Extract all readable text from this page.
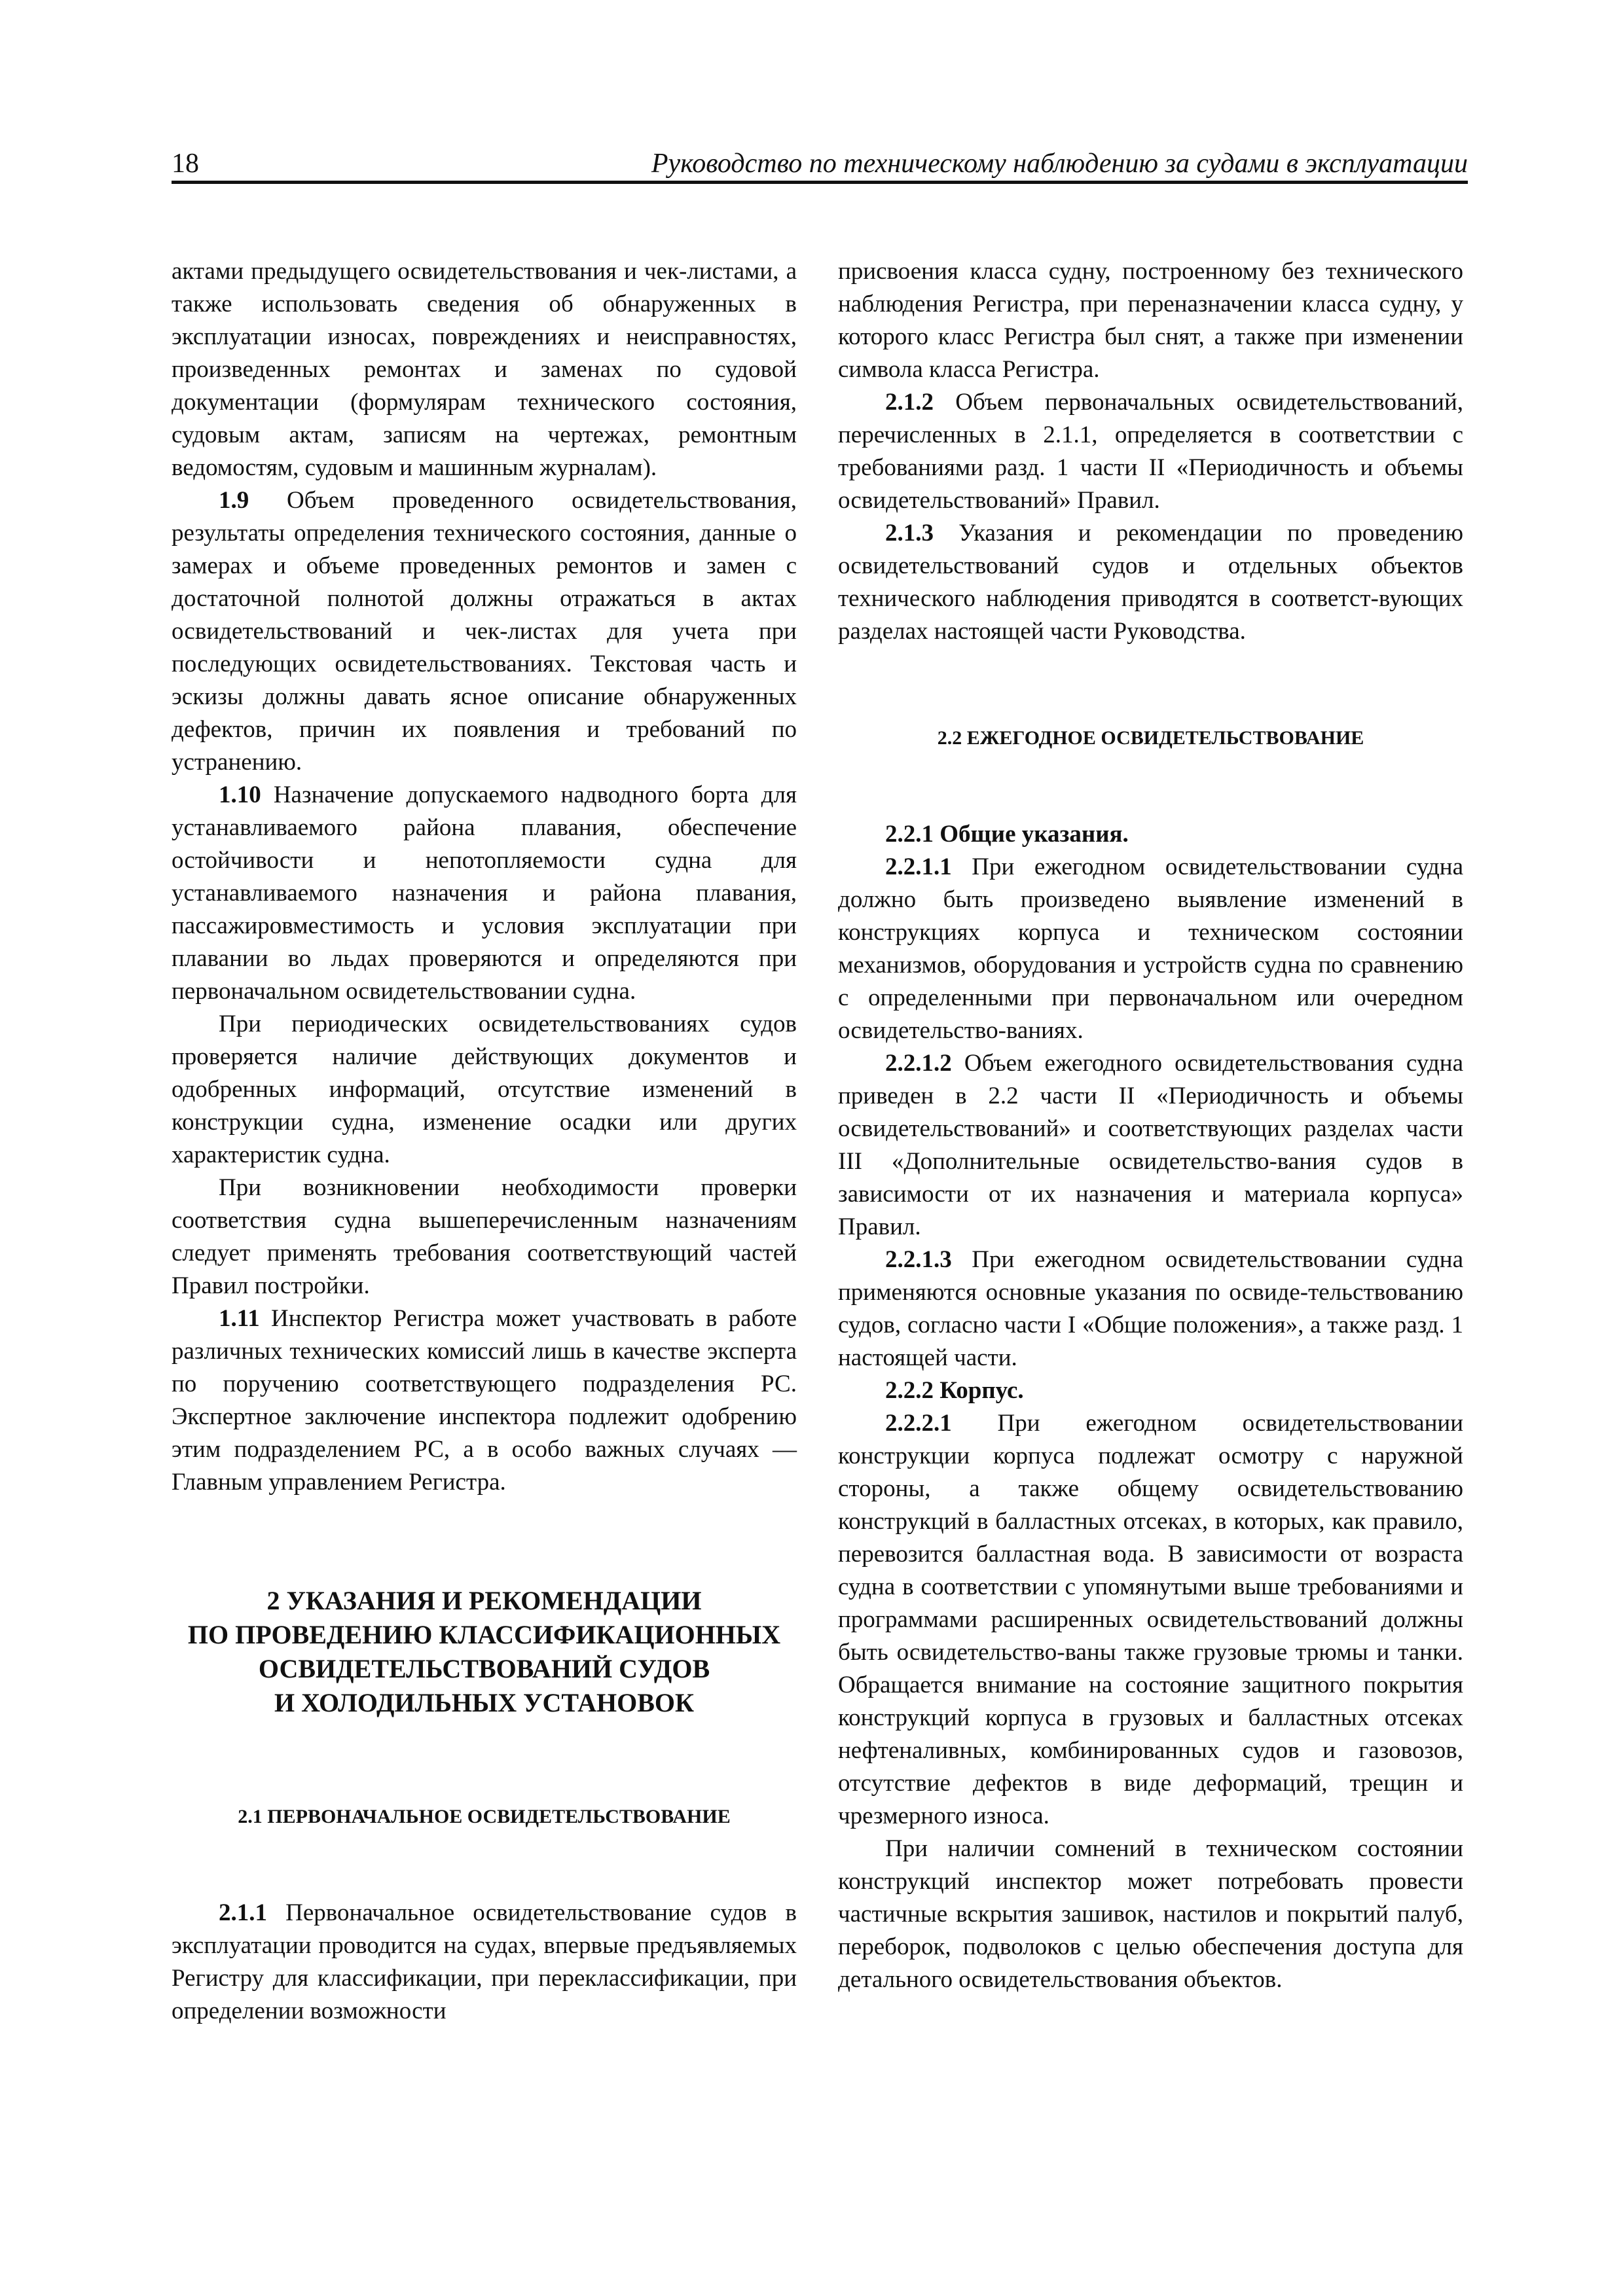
18	Руководство по техническому наблюдению за судами в эксплуатации

актами предыдущего освидетельствования и чек-листами, а также использовать сведения об обнаруженных в эксплуатации износах, повреждениях и неисправностях, произведенных ремонтах и заменах по судовой документации (формулярам технического состояния, судовым актам, записям на чертежах, ремонтным ведомостям, судовым и машинным журналам).

1.9 Объем проведенного освидетельствования, результаты определения технического состояния, данные о замерах и объеме проведенных ремонтов и замен с достаточной полнотой должны отражаться в актах освидетельствований и чек-листах для учета при последующих освидетельствованиях. Текстовая часть и эскизы должны давать ясное описание обнаруженных дефектов, причин их появления и требований по устранению.

1.10 Назначение допускаемого надводного борта для устанавливаемого района плавания, обеспечение остойчивости и непотопляемости судна для устанавливаемого назначения и района плавания, пассажировместимость и условия эксплуатации при плавании во льдах проверяются и определяются при первоначальном освидетельствовании судна.

При периодических освидетельствованиях судов проверяется наличие действующих документов и одобренных информаций, отсутствие изменений в конструкции судна, изменение осадки или других характеристик судна.

При возникновении необходимости проверки соответствия судна вышеперечисленным назначениям следует применять требования соответствующий частей Правил постройки.

1.11 Инспектор Регистра может участвовать в работе различных технических комиссий лишь в качестве эксперта по поручению соответствующего подразделения РС. Экспертное заключение инспектора подлежит одобрению этим подразделением РС, а в особо важных случаях — Главным управлением Регистра.

2 УКАЗАНИЯ И РЕКОМЕНДАЦИИ
ПО ПРОВЕДЕНИЮ КЛАССИФИКАЦИОННЫХ
ОСВИДЕТЕЛЬСТВОВАНИЙ СУДОВ
И ХОЛОДИЛЬНЫХ УСТАНОВОК
2.1 ПЕРВОНАЧАЛЬНОЕ ОСВИДЕТЕЛЬСТВОВАНИЕ

2.1.1 Первоначальное освидетельствование судов в эксплуатации проводится на судах, впервые предъявляемых Регистру для классификации, при переклассификации, при определении возможности

присвоения класса судну, построенному без технического наблюдения Регистра, при переназначении класса судну, у которого класс Регистра был снят, а также при изменении символа класса Регистра.

2.1.2 Объем первоначальных освидетельствований, перечисленных в 2.1.1, определяется в соответствии с требованиями разд. 1 части II «Периодичность и объемы освидетельствований» Правил.

2.1.3 Указания и рекомендации по проведению освидетельствований судов и отдельных объектов технического наблюдения приводятся в соответст-вующих разделах настоящей части Руководства.

2.2 ЕЖЕГОДНОЕ ОСВИДЕТЕЛЬСТВОВАНИЕ

2.2.1 Общие указания.

2.2.1.1 При ежегодном освидетельствовании судна должно быть произведено выявление изменений в конструкциях корпуса и техническом состоянии механизмов, оборудования и устройств судна по сравнению с определенными при первоначальном или очередном освидетельство-ваниях.

2.2.1.2 Объем ежегодного освидетельствования судна приведен в 2.2 части II «Периодичность и объемы освидетельствований» и соответствующих разделах части III «Дополнительные освидетельство-вания судов в зависимости от их назначения и материала корпуса» Правил.

2.2.1.3 При ежегодном освидетельствовании судна применяются основные указания по освиде-тельствованию судов, согласно части I «Общие положения», а также разд. 1 настоящей части.

2.2.2 Корпус.

2.2.2.1 При ежегодном освидетельствовании конструкции корпуса подлежат осмотру с наружной стороны, а также общему освидетельствованию конструкций в балластных отсеках, в которых, как правило, перевозится балластная вода. В зависимости от возраста судна в соответствии с упомянутыми выше требованиями и программами расширенных освидетельствований должны быть освидетельство-ваны также грузовые трюмы и танки. Обращается внимание на состояние защитного покрытия конструкций корпуса в грузовых и балластных отсеках нефтеналивных, комбинированных судов и газовозов, отсутствие дефектов в виде деформаций, трещин и чрезмерного износа.

При наличии сомнений в техническом состоянии конструкций инспектор может потребовать провести частичные вскрытия зашивок, настилов и покрытий палуб, переборок, подволоков с целью обеспечения доступа для детального освидетельствования объектов.
